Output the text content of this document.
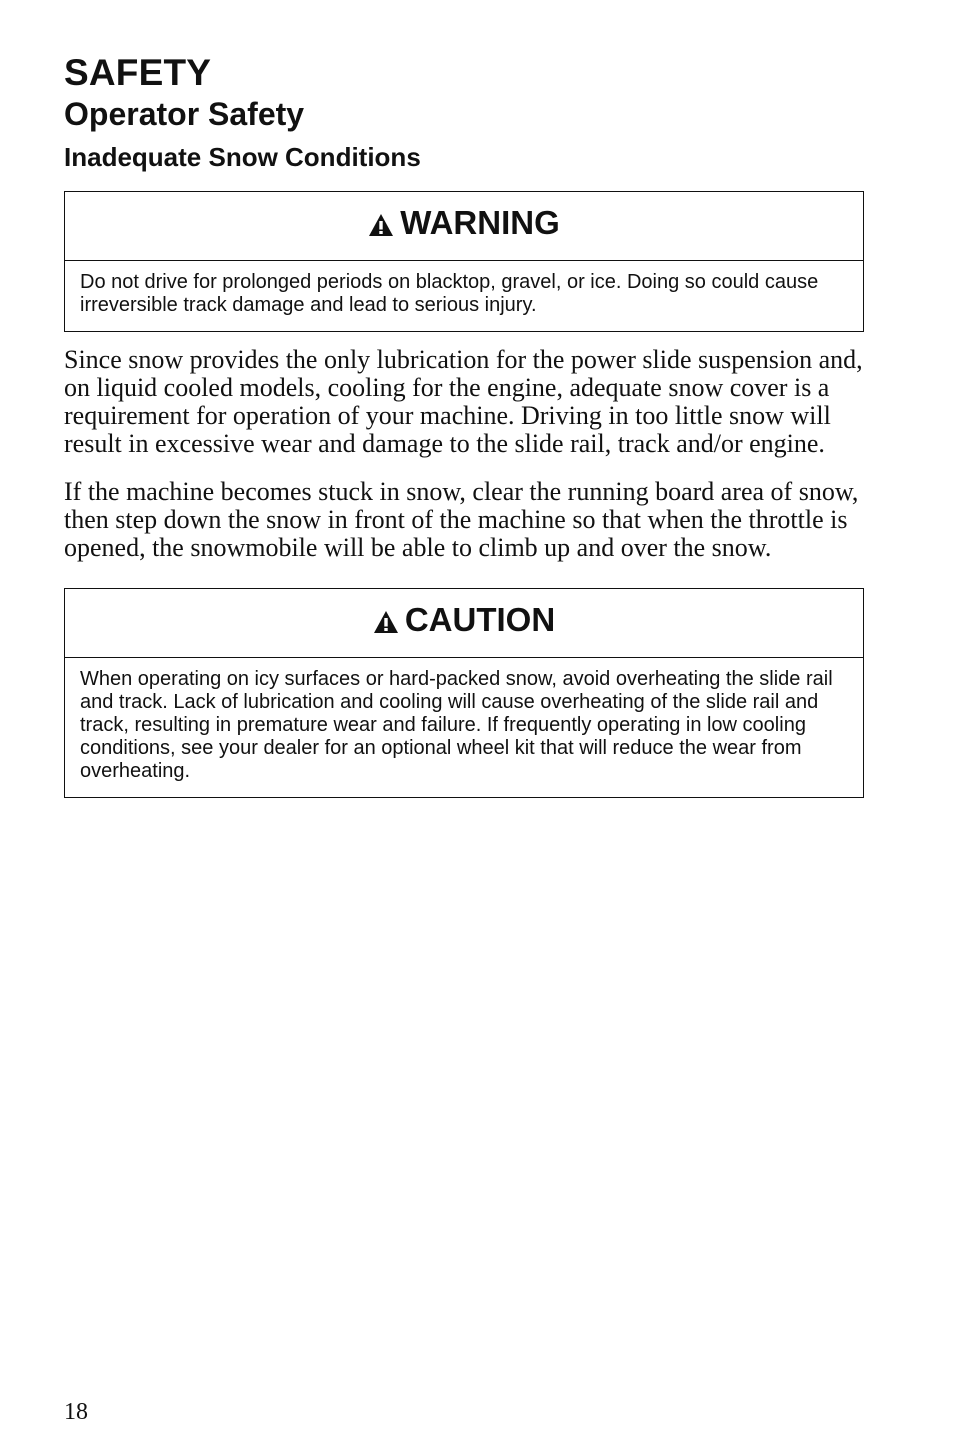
SAFETY
Operator Safety
Inadequate Snow Conditions
WARNING
Do not drive for prolonged periods on blacktop, gravel, or ice. Doing so could cause irreversible track damage and lead to serious injury.

Since snow provides the only lubrication for the power slide suspension and, on liquid cooled models, cooling for the engine, adequate snow cover is a requirement for operation of your machine. Driving in too little snow will result in excessive wear and damage to the slide rail, track and/or engine.

If the machine becomes stuck in snow, clear the running board area of snow, then step down the snow in front of the machine so that when the throttle is opened, the snowmobile will be able to climb up and over the snow.

CAUTION
When operating on icy surfaces or hard-packed snow, avoid overheating the slide rail and track. Lack of lubrication and cooling will cause overheating of the slide rail and track, resulting in premature wear and failure. If frequently operating in low cooling conditions, see your dealer for an optional wheel kit that will reduce the wear from overheating.
18
